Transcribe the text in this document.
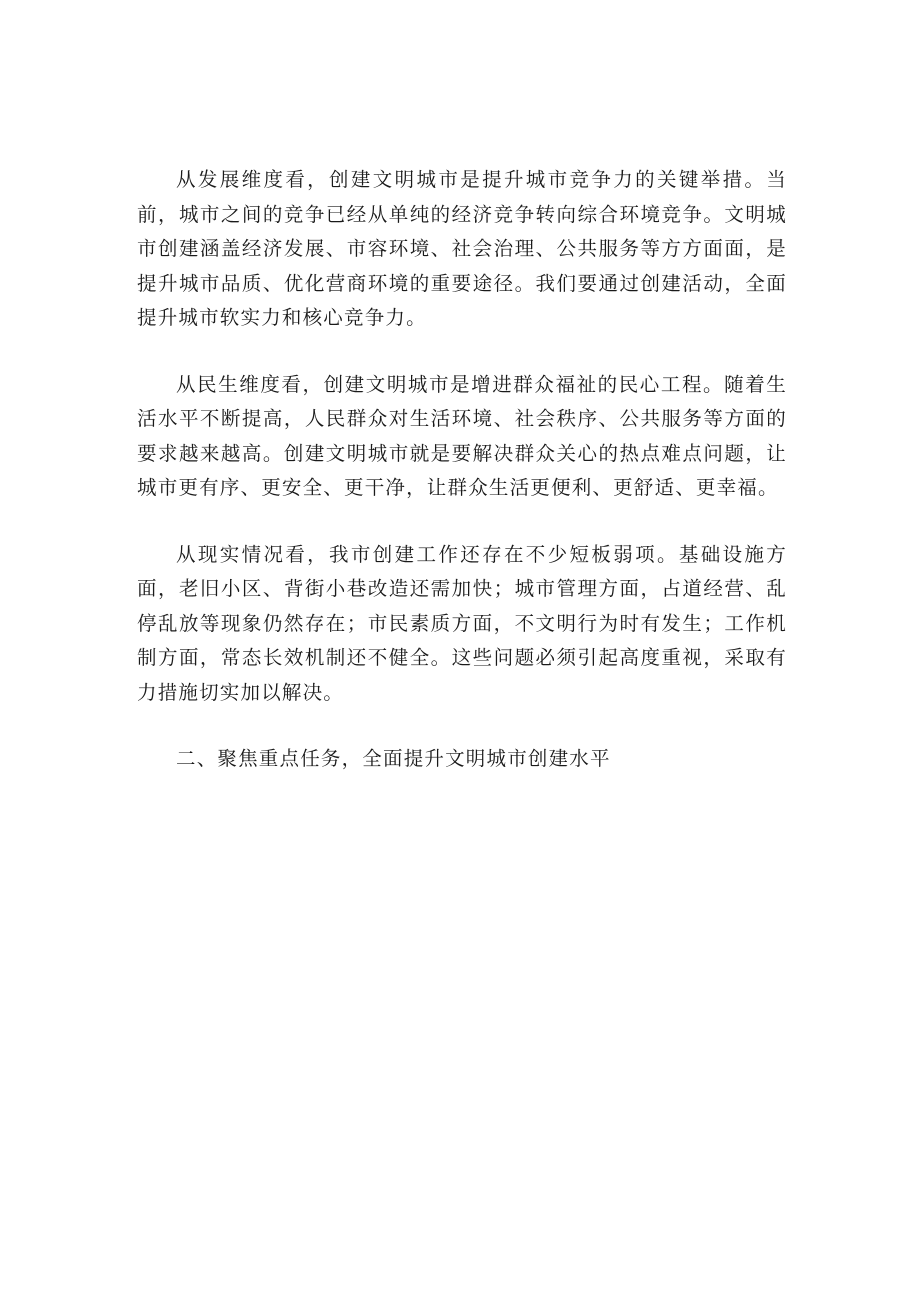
从发展维度看，创建文明城市是提升城市竞争力的关键举措。当前，城市之间的竞争已经从单纯的经济竞争转向综合环境竞争。文明城市创建涵盖经济发展、市容环境、社会治理、公共服务等方方面面，是提升城市品质、优化营商环境的重要途径。我们要通过创建活动，全面提升城市软实力和核心竞争力。

从民生维度看，创建文明城市是增进群众福祉的民心工程。随着生活水平不断提高，人民群众对生活环境、社会秩序、公共服务等方面的要求越来越高。创建文明城市就是要解决群众关心的热点难点问题，让城市更有序、更安全、更干净，让群众生活更便利、更舒适、更幸福。

从现实情况看，我市创建工作还存在不少短板弱项。基础设施方面，老旧小区、背街小巷改造还需加快；城市管理方面，占道经营、乱停乱放等现象仍然存在；市民素质方面，不文明行为时有发生；工作机制方面，常态长效机制还不健全。这些问题必须引起高度重视，采取有力措施切实加以解决。

二、聚焦重点任务，全面提升文明城市创建水平
